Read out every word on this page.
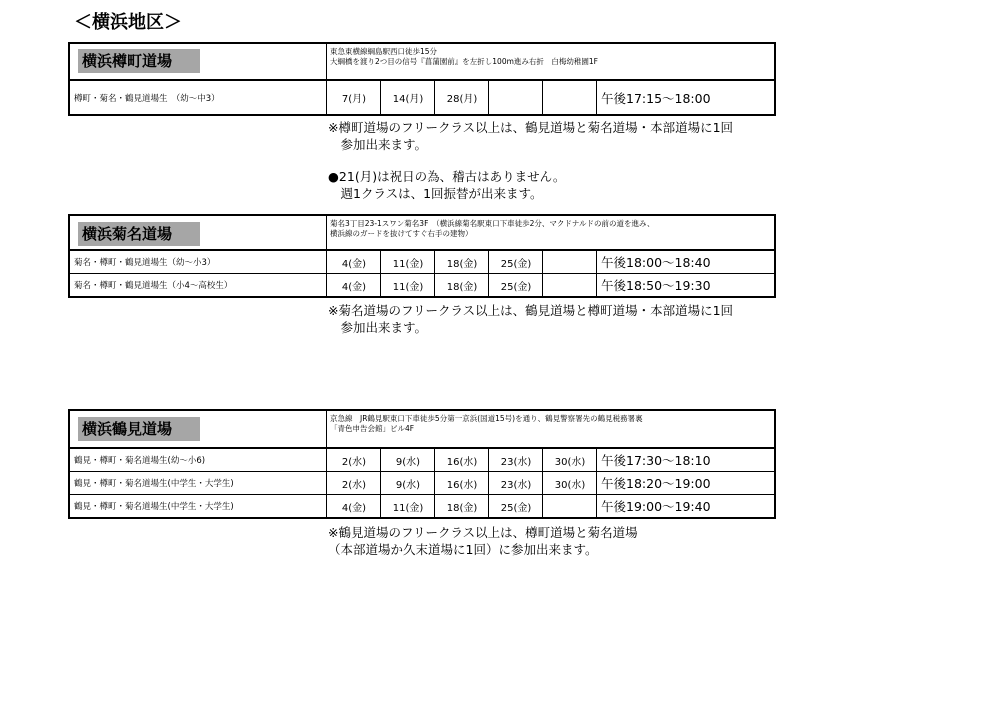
＜横浜地区＞
横浜樽町道場
東急東横線綱島駅西口徒歩15分
大綱橋を渡り2つ目の信号『菖蒲園前』を左折し100m進み右折　白梅幼稚園1F
樽町・菊名・鶴見道場生　（幼～中3）	7(月)	14(月)	28(月)	午後17:15～18:00
※樽町道場のフリークラス以上は、鶴見道場と菊名道場・本部道場に1回
　参加出来ます。
●21(月)は祝日の為、稽古はありません。
　週1クラスは、1回振替が出来ます。
横浜菊名道場
菊名3丁目23-1スワン菊名3F　（横浜線菊名駅東口下車徒歩2分、マクドナルドの前の道を進み、
横浜線のガードを抜けてすぐ右手の建物）
菊名・樽町・鶴見道場生（幼～小3）	4(金)	11(金)	18(金)	25(金)	午後18:00～18:40
菊名・樽町・鶴見道場生（小4～高校生）	4(金)	11(金)	18(金)	25(金)	午後18:50～19:30
※菊名道場のフリークラス以上は、鶴見道場と樽町道場・本部道場に1回
　参加出来ます。
横浜鶴見道場
京急線　JR鶴見駅東口下車徒歩5分第一京浜(国道15号)を通り、鶴見警察署先の鶴見税務署裏
「青色申告会館」ビル4F
鶴見・樽町・菊名道場生(幼～小6)	2(水)	9(水)	16(水)	23(水)	30(水)	午後17:30～18:10
鶴見・樽町・菊名道場生(中学生・大学生)	2(水)	9(水)	16(水)	23(水)	30(水)	午後18:20～19:00
鶴見・樽町・菊名道場生(中学生・大学生)	4(金)	11(金)	18(金)	25(金)	午後19:00～19:40
※鶴見道場のフリークラス以上は、樽町道場と菊名道場
（本部道場か久末道場に1回）に参加出来ます。
